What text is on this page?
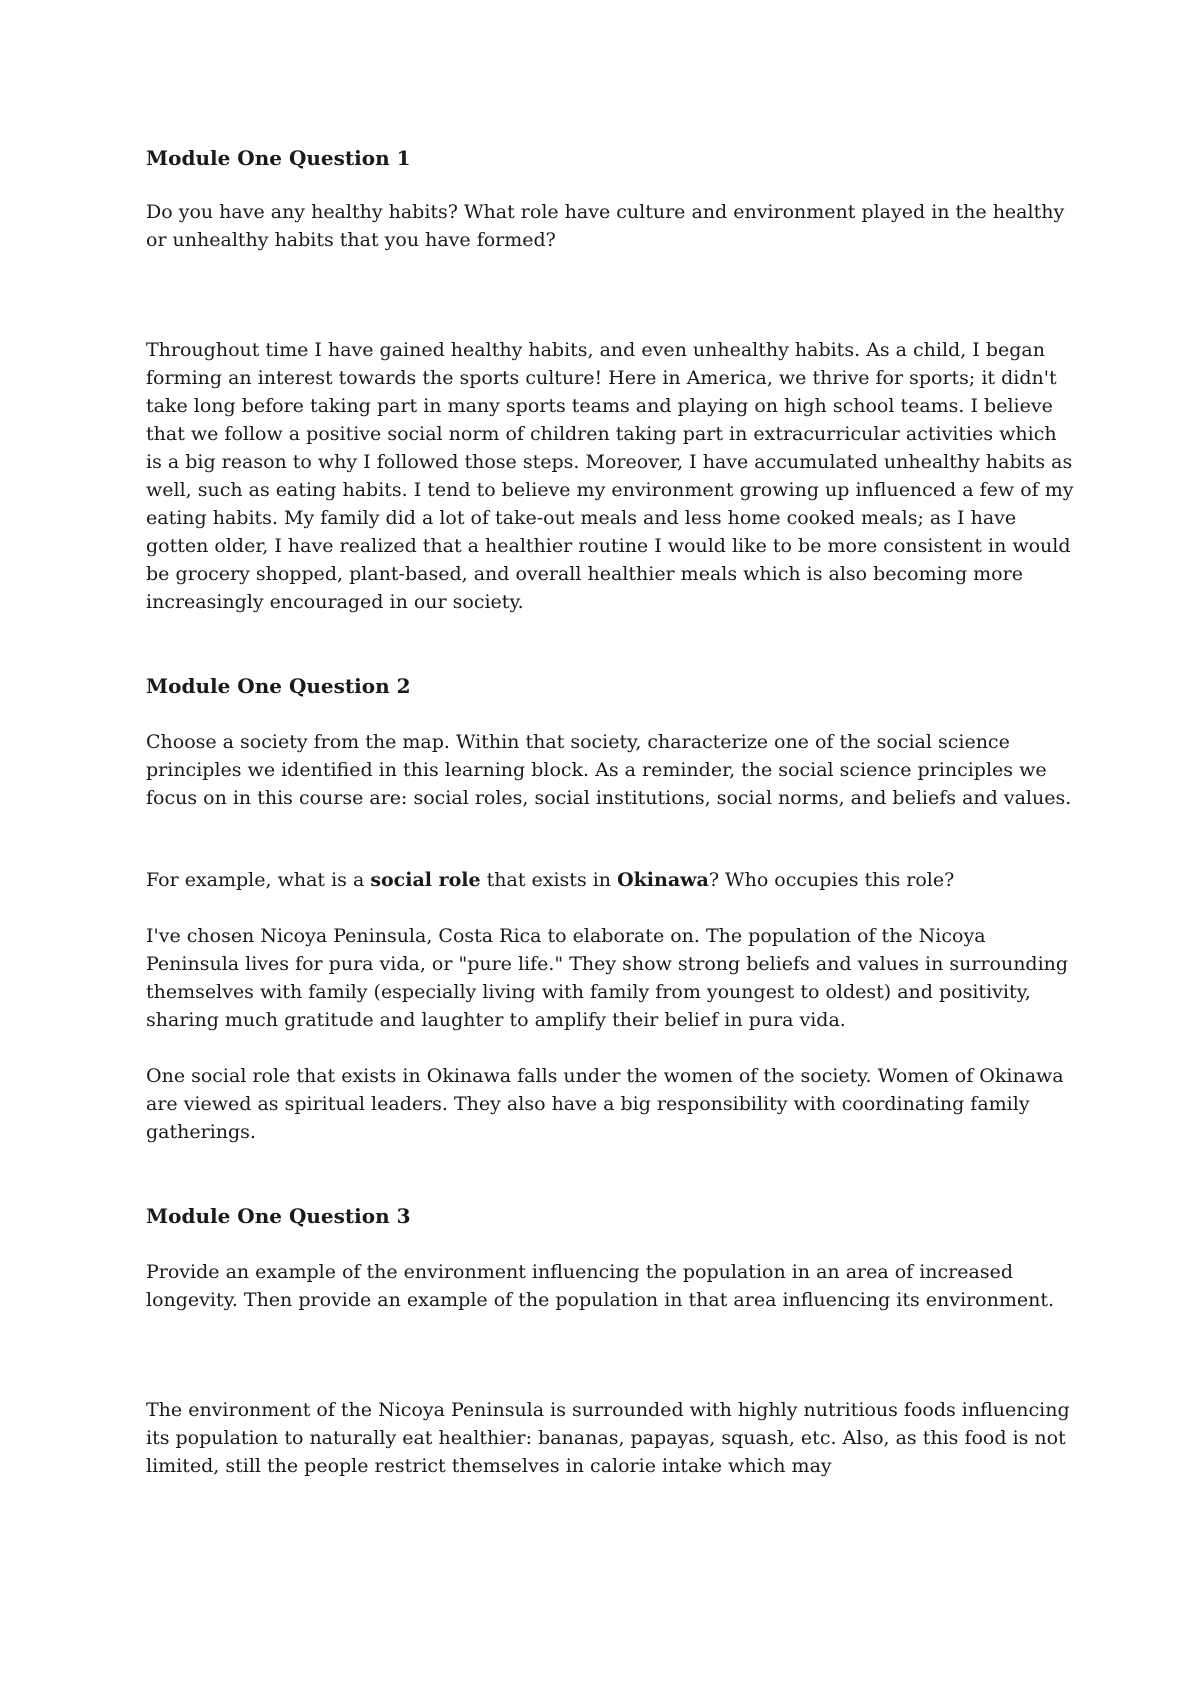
Module One Question 1

Do you have any healthy habits? What role have culture and environment played in the healthy or unhealthy habits that you have formed?

Throughout time I have gained healthy habits, and even unhealthy habits. As a child, I began forming an interest towards the sports culture! Here in America, we thrive for sports; it didn't take long before taking part in many sports teams and playing on high school teams. I believe that we follow a positive social norm of children taking part in extracurricular activities which is a big reason to why I followed those steps. Moreover, I have accumulated unhealthy habits as well, such as eating habits. I tend to believe my environment growing up influenced a few of my eating habits. My family did a lot of take-out meals and less home cooked meals; as I have gotten older, I have realized that a healthier routine I would like to be more consistent in would be grocery shopped, plant-based, and overall healthier meals which is also becoming more increasingly encouraged in our society.

Module One Question 2

Choose a society from the map. Within that society, characterize one of the social science principles we identified in this learning block. As a reminder, the social science principles we focus on in this course are: social roles, social institutions, social norms, and beliefs and values.

For example, what is a social role that exists in Okinawa? Who occupies this role?

I've chosen Nicoya Peninsula, Costa Rica to elaborate on. The population of the Nicoya Peninsula lives for pura vida, or "pure life." They show strong beliefs and values in surrounding themselves with family (especially living with family from youngest to oldest) and positivity, sharing much gratitude and laughter to amplify their belief in pura vida.

One social role that exists in Okinawa falls under the women of the society. Women of Okinawa are viewed as spiritual leaders. They also have a big responsibility with coordinating family gatherings.

Module One Question 3

Provide an example of the environment influencing the population in an area of increased longevity. Then provide an example of the population in that area influencing its environment.

The environment of the Nicoya Peninsula is surrounded with highly nutritious foods influencing its population to naturally eat healthier: bananas, papayas, squash, etc. Also, as this food is not limited, still the people restrict themselves in calorie intake which may
